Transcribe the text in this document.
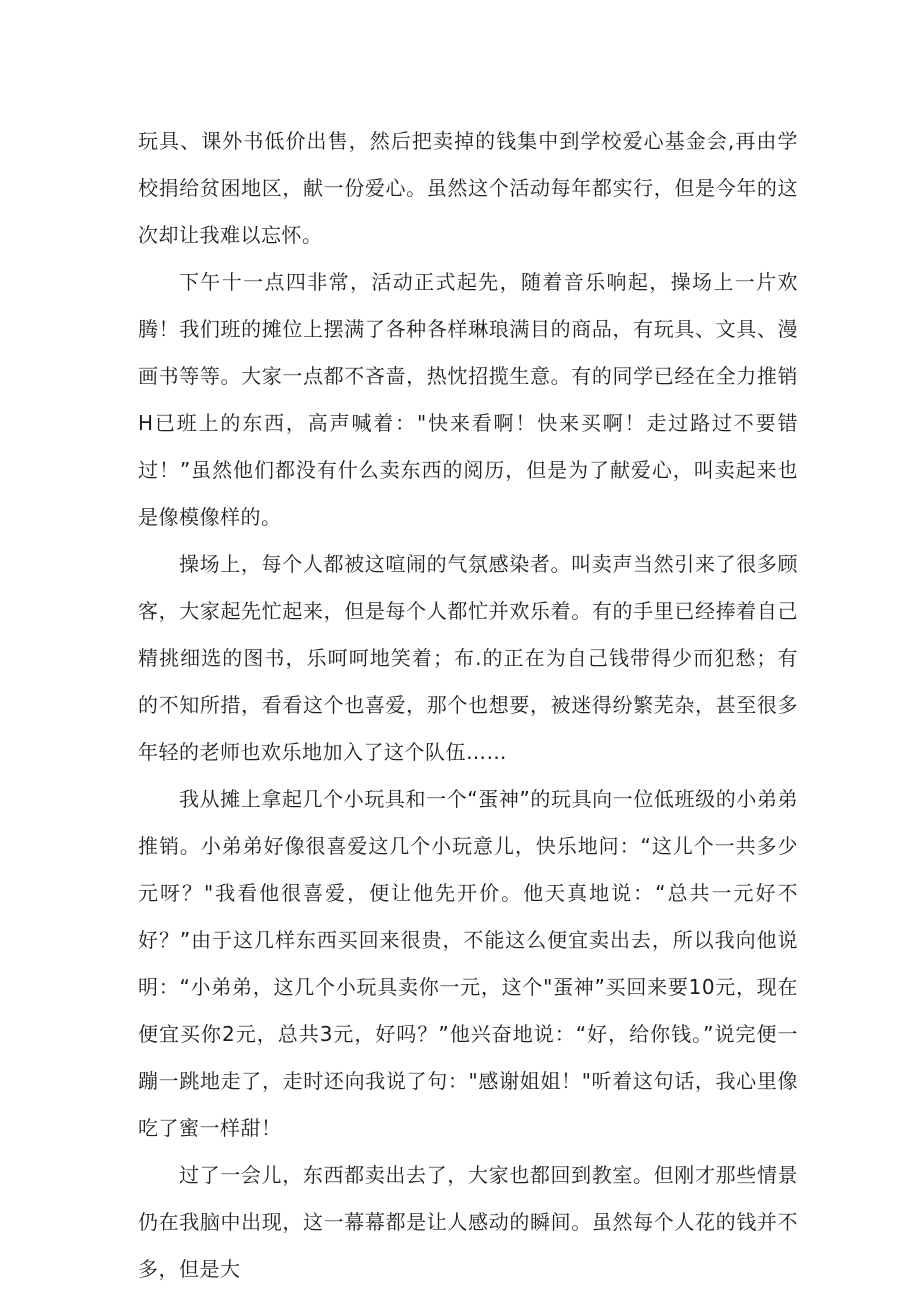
玩具、课外书低价出售，然后把卖掉的钱集中到学校爱心基金会,再由学校捐给贫困地区，献一份爱心。虽然这个活动每年都实行，但是今年的这次却让我难以忘怀。

下午十一点四非常，活动正式起先，随着音乐响起，操场上一片欢腾！我们班的摊位上摆满了各种各样琳琅满目的商品，有玩具、文具、漫画书等等。大家一点都不吝啬，热忱招揽生意。有的同学已经在全力推销H已班上的东西，高声喊着："快来看啊！快来买啊！走过路过不要错过！”虽然他们都没有什么卖东西的阅历，但是为了献爱心，叫卖起来也是像模像样的。

操场上，每个人都被这喧闹的气氛感染者。叫卖声当然引来了很多顾客，大家起先忙起来，但是每个人都忙并欢乐着。有的手里已经捧着自己精挑细选的图书，乐呵呵地笑着；布.的正在为自己钱带得少而犯愁；有的不知所措，看看这个也喜爱，那个也想要，被迷得纷繁芜杂，甚至很多年轻的老师也欢乐地加入了这个队伍……

我从摊上拿起几个小玩具和一个“蛋神”的玩具向一位低班级的小弟弟推销。小弟弟好像很喜爱这几个小玩意儿，快乐地问：“这儿个一共多少元呀？"我看他很喜爱，便让他先开价。他天真地说：“总共一元好不好？”由于这几样东西买回来很贵，不能这么便宜卖出去，所以我向他说明：“小弟弟，这几个小玩具卖你一元，这个"蛋神”买回来要10元，现在便宜买你2元，总共3元，好吗？”他兴奋地说：“好，给你钱。”说完便一蹦一跳地走了，走时还向我说了句："感谢姐姐！"听着这句话，我心里像吃了蜜一样甜！

过了一会儿，东西都卖出去了，大家也都回到教室。但刚才那些情景仍在我脑中出现，这一幕幕都是让人感动的瞬间。虽然每个人花的钱并不多，但是大
